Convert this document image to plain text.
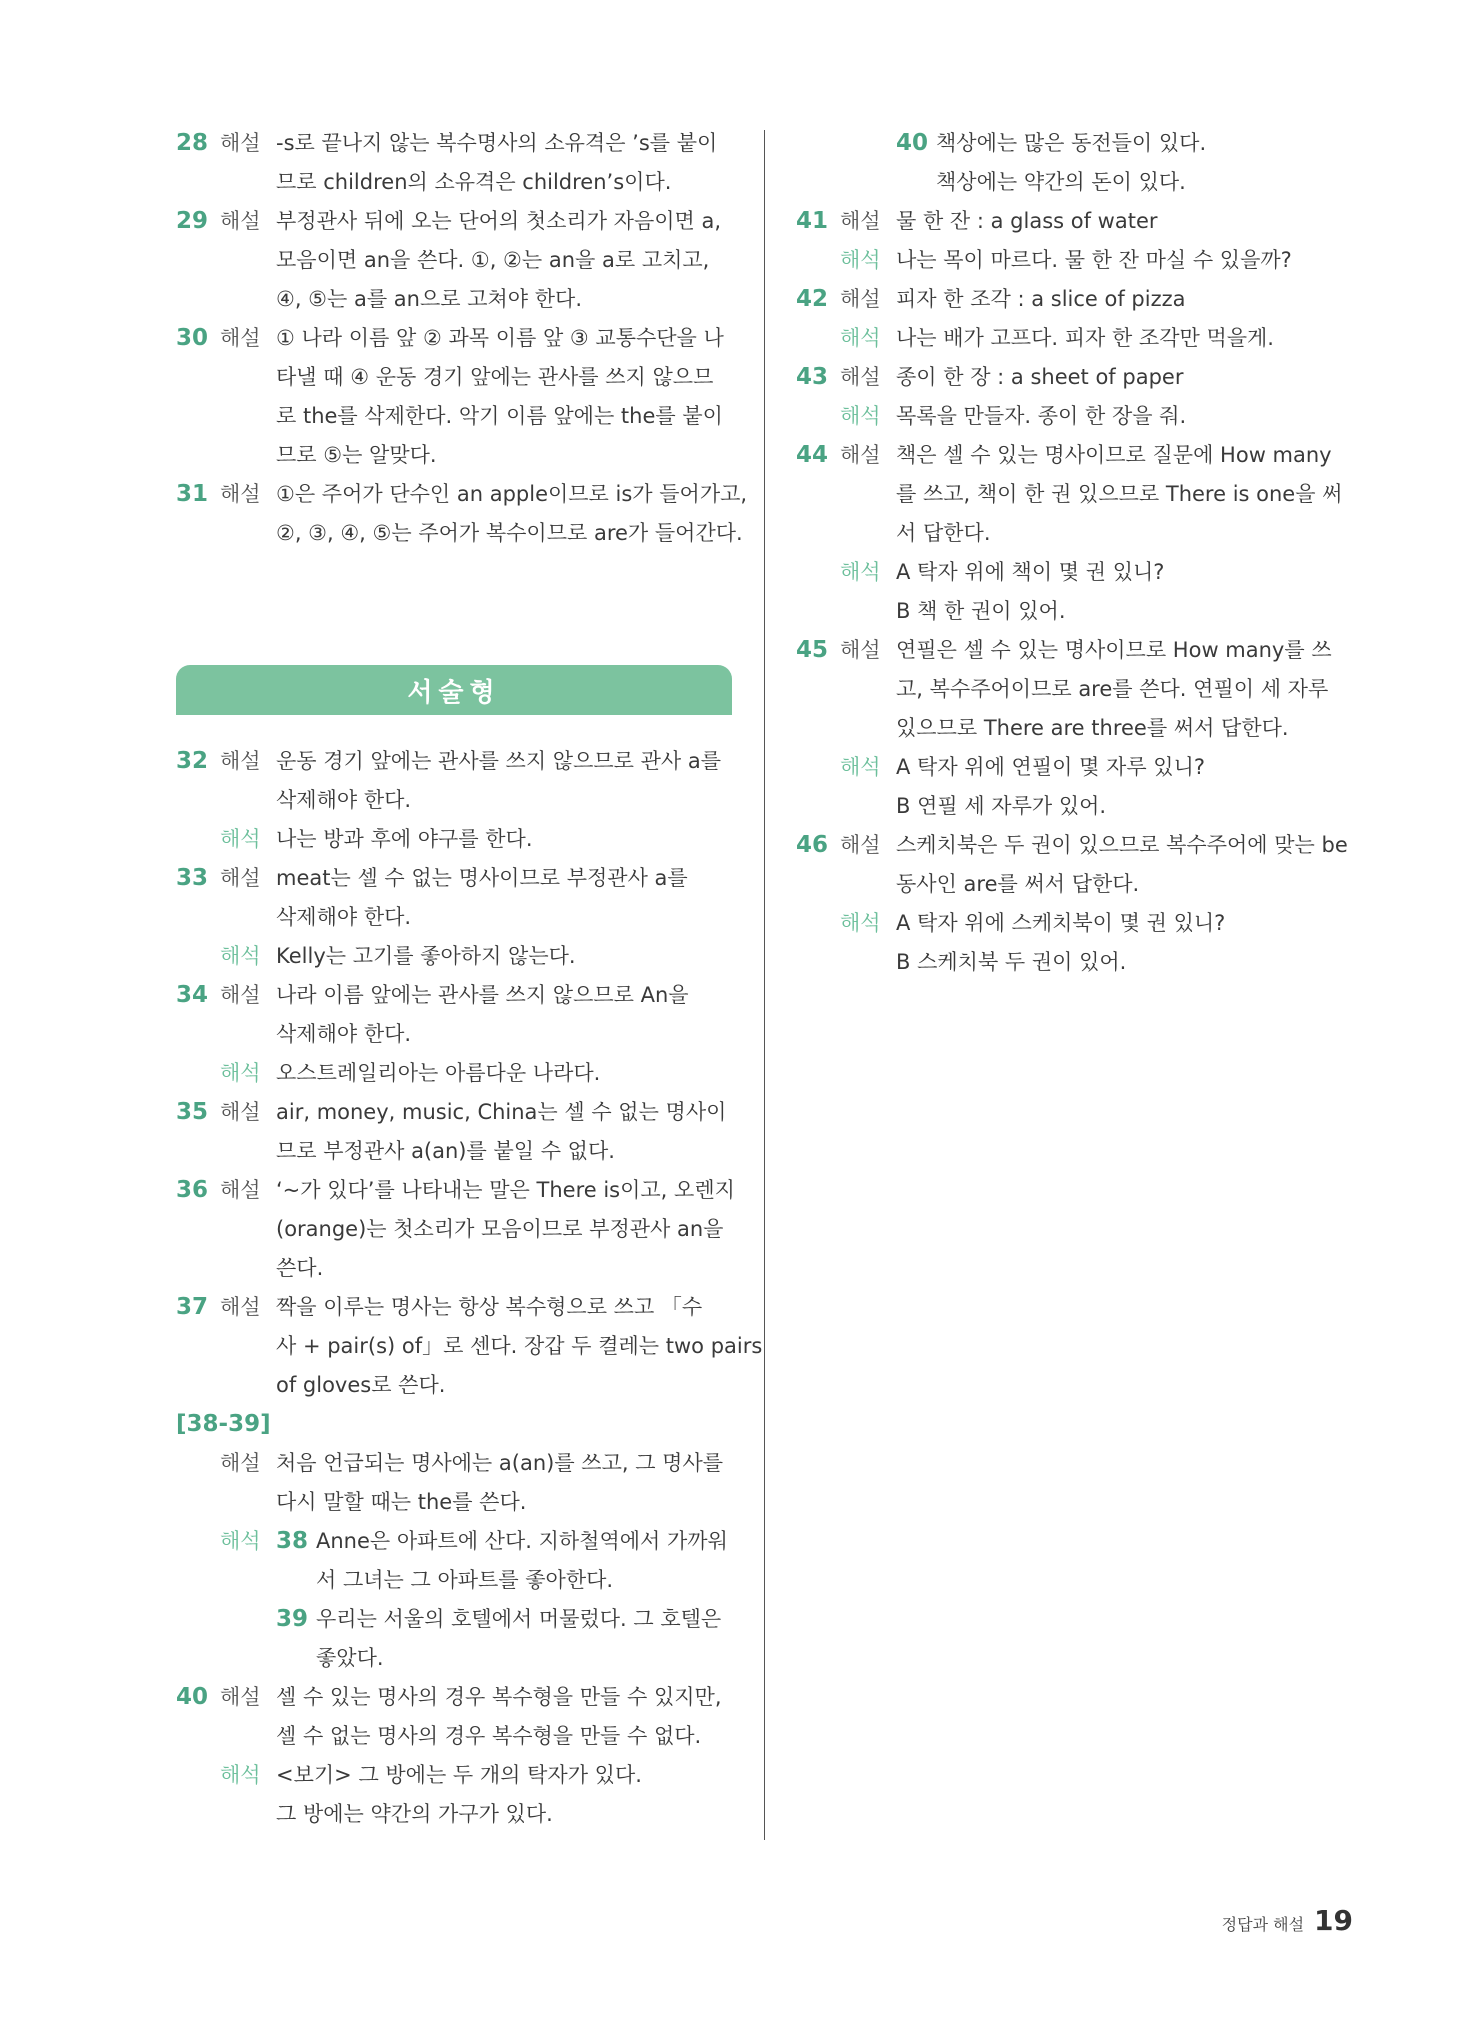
28 해설 -s로 끝나지 않는 복수명사의 소유격은 ’s를 붙이
므로 children의 소유격은 children’s이다.
29 해설 부정관사 뒤에 오는 단어의 첫소리가 자음이면 a,
모음이면 an을 쓴다. ①, ②는 an을 a로 고치고,
④, ⑤는 a를 an으로 고쳐야 한다.
30 해설 ① 나라 이름 앞 ② 과목 이름 앞 ③ 교통수단을 나
타낼 때 ④ 운동 경기 앞에는 관사를 쓰지 않으므
로 the를 삭제한다. 악기 이름 앞에는 the를 붙이
므로 ⑤는 알맞다.
31 해설 ①은 주어가 단수인 an apple이므로 is가 들어가고,
②, ③, ④, ⑤는 주어가 복수이므로 are가 들어간다.
서술형
32 해설 운동 경기 앞에는 관사를 쓰지 않으므로 관사 a를
삭제해야 한다.
해석 나는 방과 후에 야구를 한다.
33 해설 meat는 셀 수 없는 명사이므로 부정관사 a를
삭제해야 한다.
해석 Kelly는 고기를 좋아하지 않는다.
34 해설 나라 이름 앞에는 관사를 쓰지 않으므로 An을
삭제해야 한다.
해석 오스트레일리아는 아름다운 나라다.
35 해설 air, money, music, China는 셀 수 없는 명사이
므로 부정관사 a(an)를 붙일 수 없다.
36 해설 ‘~가 있다’를 나타내는 말은 There is이고, 오렌지
(orange)는 첫소리가 모음이므로 부정관사 an을
쓴다.
37 해설 짝을 이루는 명사는 항상 복수형으로 쓰고 「수
사 + pair(s) of」로 센다. 장갑 두 켤레는 two pairs
of gloves로 쓴다.
[38-39]
해설 처음 언급되는 명사에는 a(an)를 쓰고, 그 명사를
다시 말할 때는 the를 쓴다.
해석 38 Anne은 아파트에 산다. 지하철역에서 가까워
서 그녀는 그 아파트를 좋아한다.
39 우리는 서울의 호텔에서 머물렀다. 그 호텔은
좋았다.
40 해설 셀 수 있는 명사의 경우 복수형을 만들 수 있지만,
셀 수 없는 명사의 경우 복수형을 만들 수 없다.
해석 <보기> 그 방에는 두 개의 탁자가 있다.
그 방에는 약간의 가구가 있다.
40 책상에는 많은 동전들이 있다.
책상에는 약간의 돈이 있다.
41 해설 물 한 잔 : a glass of water
해석 나는 목이 마르다. 물 한 잔 마실 수 있을까?
42 해설 피자 한 조각 : a slice of pizza
해석 나는 배가 고프다. 피자 한 조각만 먹을게.
43 해설 종이 한 장 : a sheet of paper
해석 목록을 만들자. 종이 한 장을 줘.
44 해설 책은 셀 수 있는 명사이므로 질문에 How many
를 쓰고, 책이 한 권 있으므로 There is one을 써
서 답한다.
해석 A 탁자 위에 책이 몇 권 있니?
B 책 한 권이 있어.
45 해설 연필은 셀 수 있는 명사이므로 How many를 쓰
고, 복수주어이므로 are를 쓴다. 연필이 세 자루
있으므로 There are three를 써서 답한다.
해석 A 탁자 위에 연필이 몇 자루 있니?
B 연필 세 자루가 있어.
46 해설 스케치북은 두 권이 있으므로 복수주어에 맞는 be
동사인 are를 써서 답한다.
해석 A 탁자 위에 스케치북이 몇 권 있니?
B 스케치북 두 권이 있어.
정답과 해설 19
